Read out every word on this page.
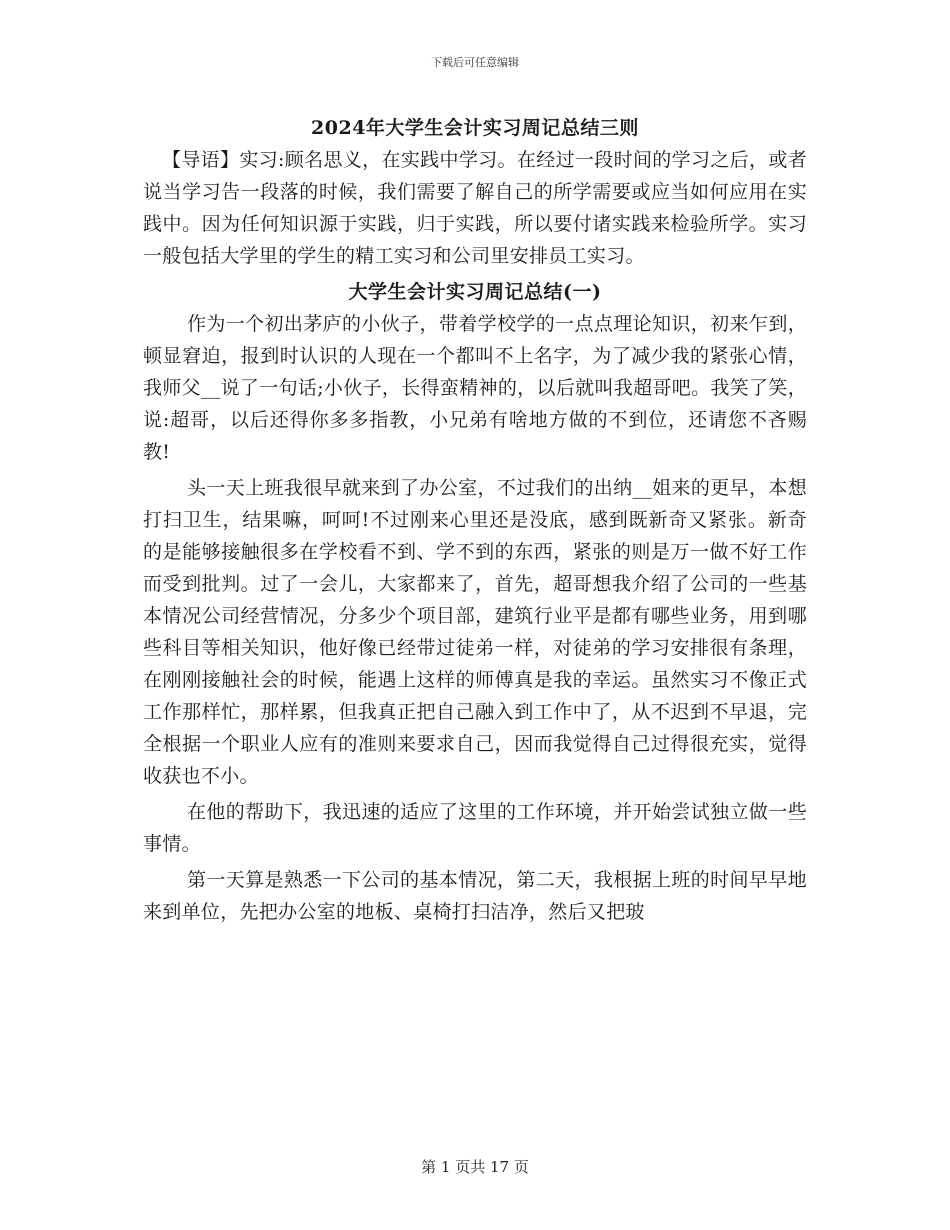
下载后可任意编辑
2024年大学生会计实习周记总结三则

【导语】实习:顾名思义，在实践中学习。在经过一段时间的学习之后，或者说当学习告一段落的时候，我们需要了解自己的所学需要或应当如何应用在实践中。因为任何知识源于实践，归于实践，所以要付诸实践来检验所学。实习一般包括大学里的学生的精工实习和公司里安排员工实习。

大学生会计实习周记总结(一)

作为一个初出茅庐的小伙子，带着学校学的一点点理论知识，初来乍到，顿显窘迫，报到时认识的人现在一个都叫不上名字，为了减少我的紧张心情，我师父__说了一句话;小伙子，长得蛮精神的，以后就叫我超哥吧。我笑了笑，说:超哥，以后还得你多多指教，小兄弟有啥地方做的不到位，还请您不吝赐教!

头一天上班我很早就来到了办公室，不过我们的出纳__姐来的更早，本想打扫卫生，结果嘛，呵呵!不过刚来心里还是没底，感到既新奇又紧张。新奇的是能够接触很多在学校看不到、学不到的东西，紧张的则是万一做不好工作而受到批判。过了一会儿，大家都来了，首先，超哥想我介绍了公司的一些基本情况公司经营情况，分多少个项目部，建筑行业平是都有哪些业务，用到哪些科目等相关知识，他好像已经带过徒弟一样，对徒弟的学习安排很有条理，在刚刚接触社会的时候，能遇上这样的师傅真是我的幸运。虽然实习不像正式工作那样忙，那样累，但我真正把自己融入到工作中了，从不迟到不早退，完全根据一个职业人应有的准则来要求自己，因而我觉得自己过得很充实，觉得收获也不小。

在他的帮助下，我迅速的适应了这里的工作环境，并开始尝试独立做一些事情。

第一天算是熟悉一下公司的基本情况，第二天，我根据上班的时间早早地来到单位，先把办公室的地板、桌椅打扫洁净，然后又把玻

第 1 页共 17 页
